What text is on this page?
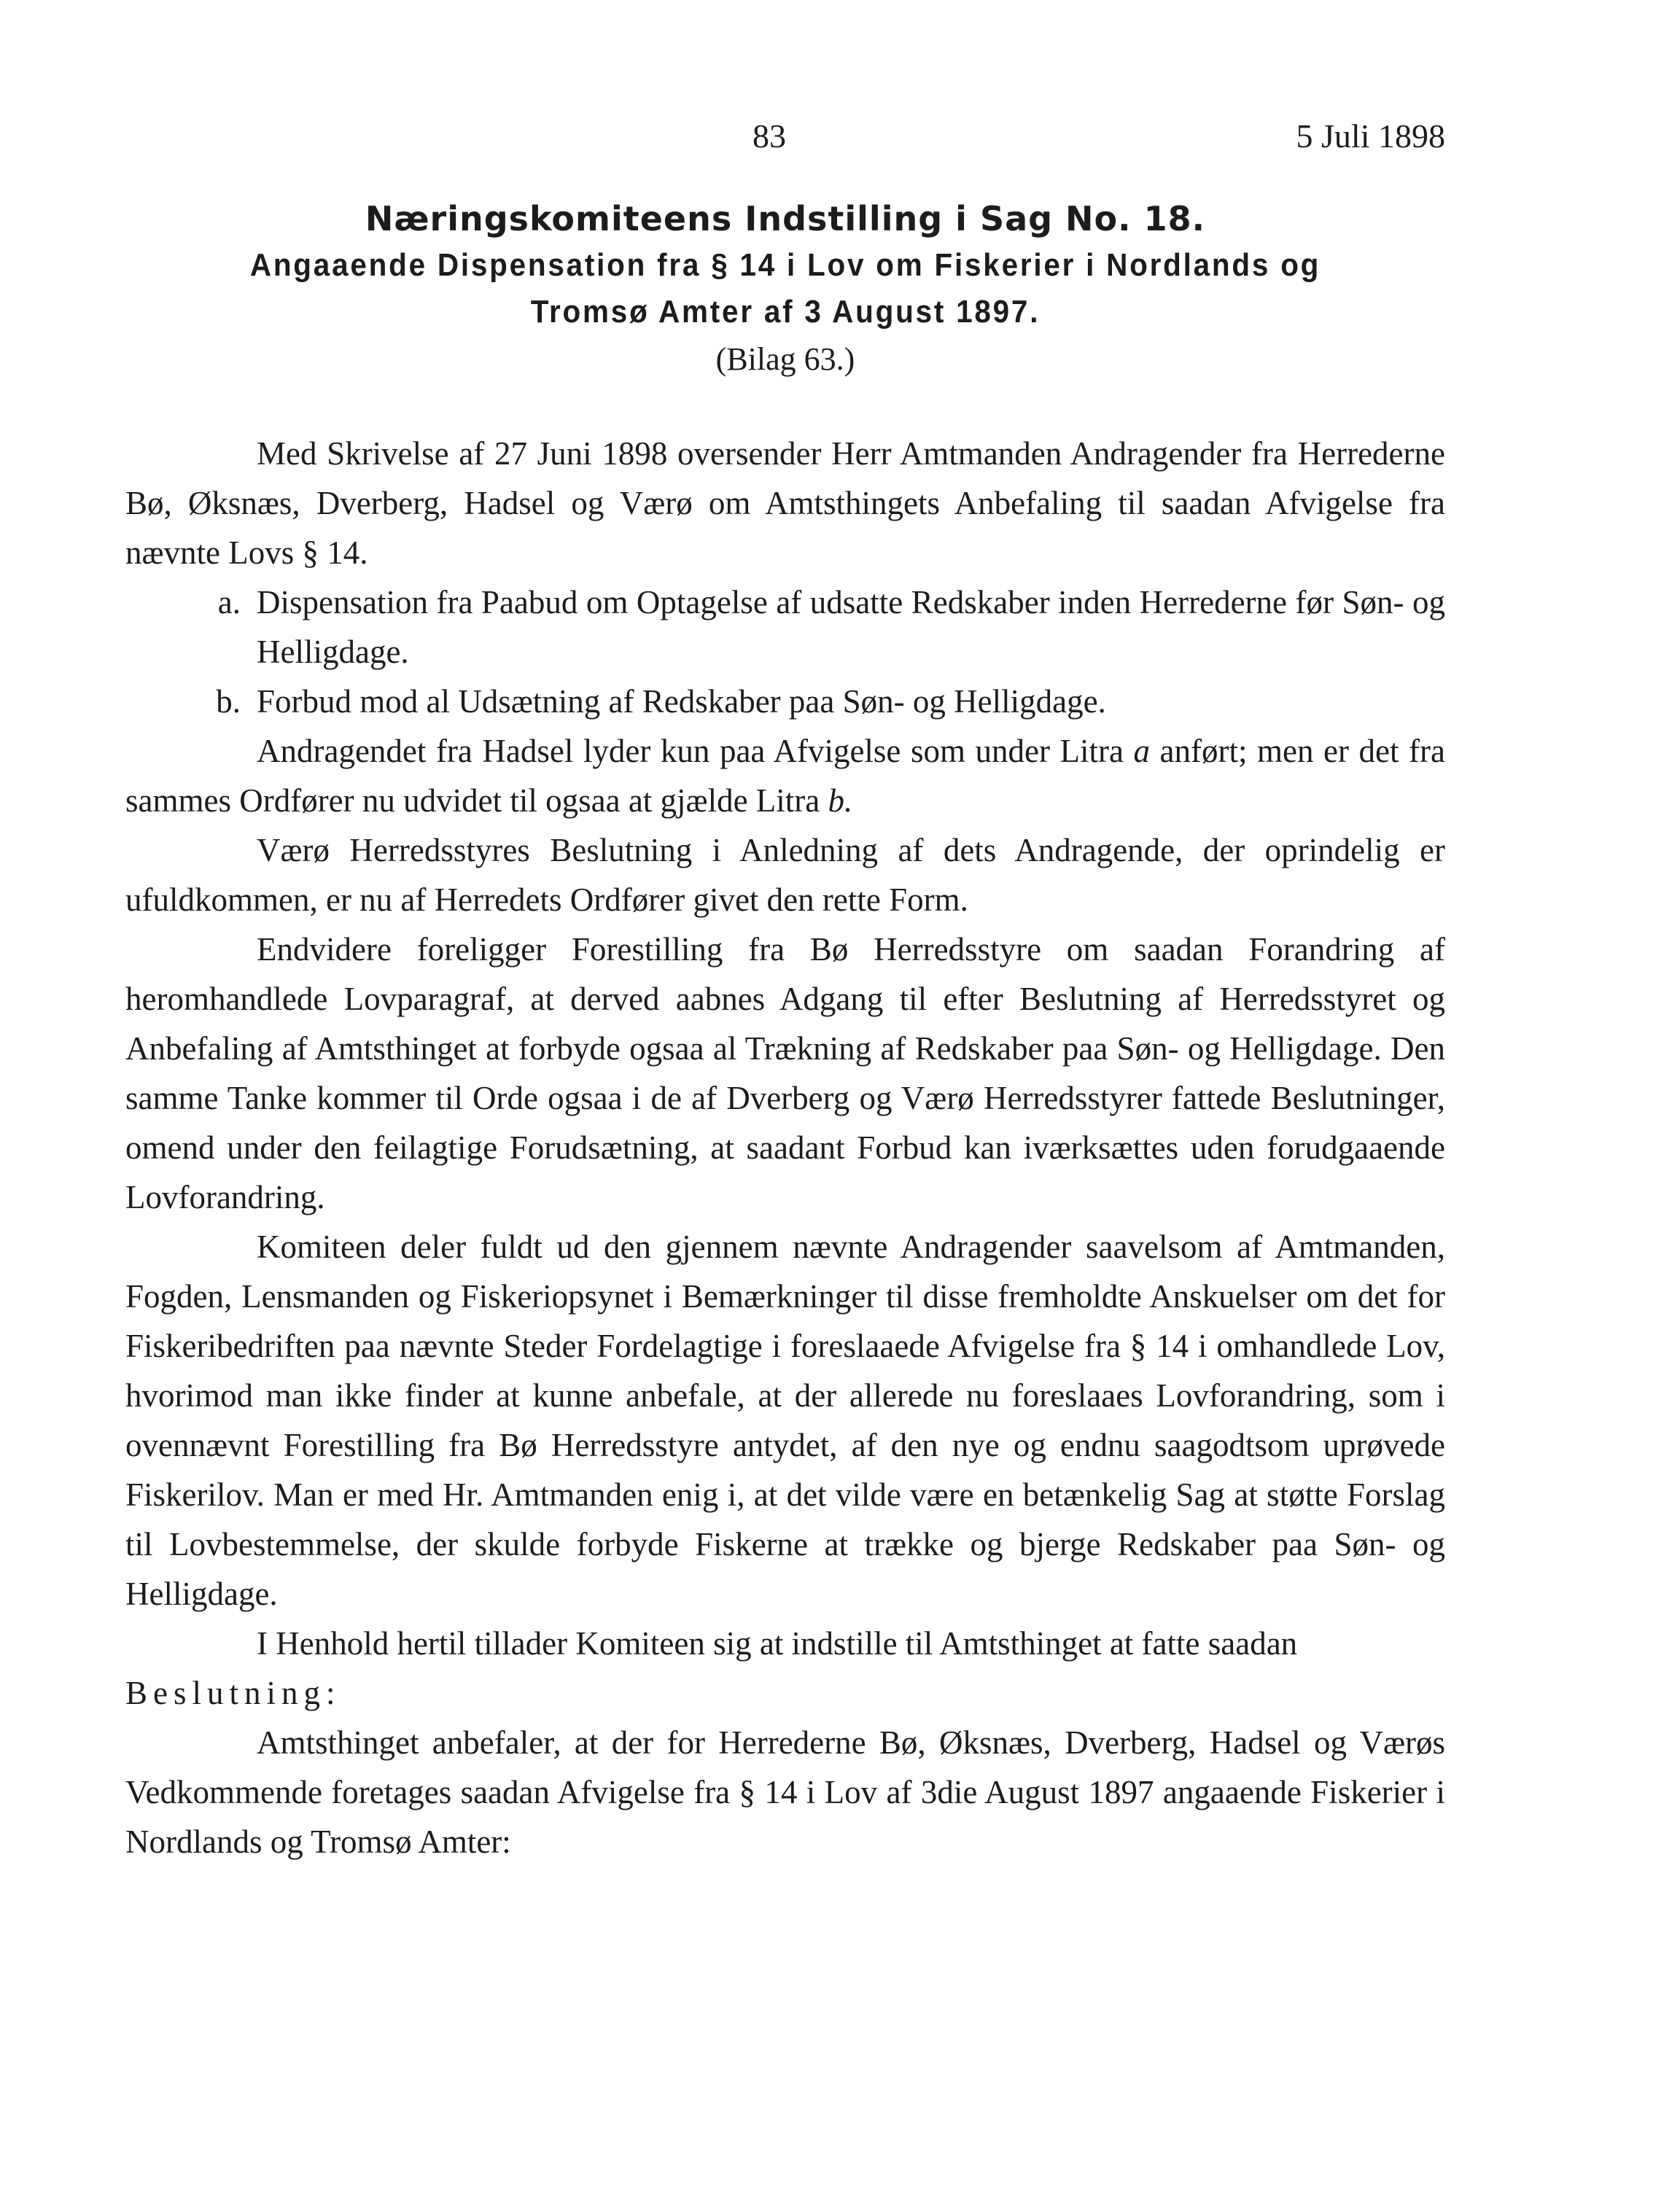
83	5 Juli 1898
Næringskomiteens Indstilling i Sag No. 18.
Angaaende Dispensation fra § 14 i Lov om Fiskerier i Nordlands og
Tromsø Amter af 3 August 1897.
(Bilag 63.)

Med Skrivelse af 27 Juni 1898 oversender Herr Amtmanden Andragender fra Herrederne Bø, Øksnæs, Dverberg, Hadsel og Værø om Amtsthingets Anbefaling til saadan Afvigelse fra nævnte Lovs § 14.

a. Dispensation fra Paabud om Optagelse af udsatte Redskaber inden Herrederne før Søn- og Helligdage.
b. Forbud mod al Udsætning af Redskaber paa Søn- og Helligdage.

Andragendet fra Hadsel lyder kun paa Afvigelse som under Litra a anført; men er det fra sammes Ordfører nu udvidet til ogsaa at gjælde Litra b.

Værø Herredsstyres Beslutning i Anledning af dets Andragende, der oprindelig er ufuldkommen, er nu af Herredets Ordfører givet den rette Form.

Endvidere foreligger Forestilling fra Bø Herredsstyre om saadan Forandring af heromhandlede Lovparagraf, at derved aabnes Adgang til efter Beslutning af Herredsstyret og Anbefaling af Amtsthinget at forbyde ogsaa al Trækning af Redskaber paa Søn- og Helligdage. Den samme Tanke kommer til Orde ogsaa i de af Dverberg og Værø Herredsstyrer fattede Beslutninger, omend under den feilagtige Forudsætning, at saadant Forbud kan iværksættes uden forudgaaende Lovforandring.

Komiteen deler fuldt ud den gjennem nævnte Andragender saavelsom af Amtmanden, Fogden, Lensmanden og Fiskeriopsynet i Bemærkninger til disse fremholdte Anskuelser om det for Fiskeribedriften paa nævnte Steder Fordelagtige i foreslaaede Afvigelse fra § 14 i omhandlede Lov, hvorimod man ikke finder at kunne anbefale, at der allerede nu foreslaaes Lovforandring, som i ovennævnt Forestilling fra Bø Herredsstyre antydet, af den nye og endnu saagodtsom uprøvede Fiskerilov. Man er med Hr. Amtmanden enig i, at det vilde være en betænkelig Sag at støtte Forslag til Lovbestemmelse, der skulde forbyde Fiskerne at trække og bjerge Redskaber paa Søn- og Helligdage.

I Henhold hertil tillader Komiteen sig at indstille til Amtsthinget at fatte saadan

Beslutning:

Amtsthinget anbefaler, at der for Herrederne Bø, Øksnæs, Dverberg, Hadsel og Værøs Vedkommende foretages saadan Afvigelse fra § 14 i Lov af 3die August 1897 angaaende Fiskerier i Nordlands og Tromsø Amter:
